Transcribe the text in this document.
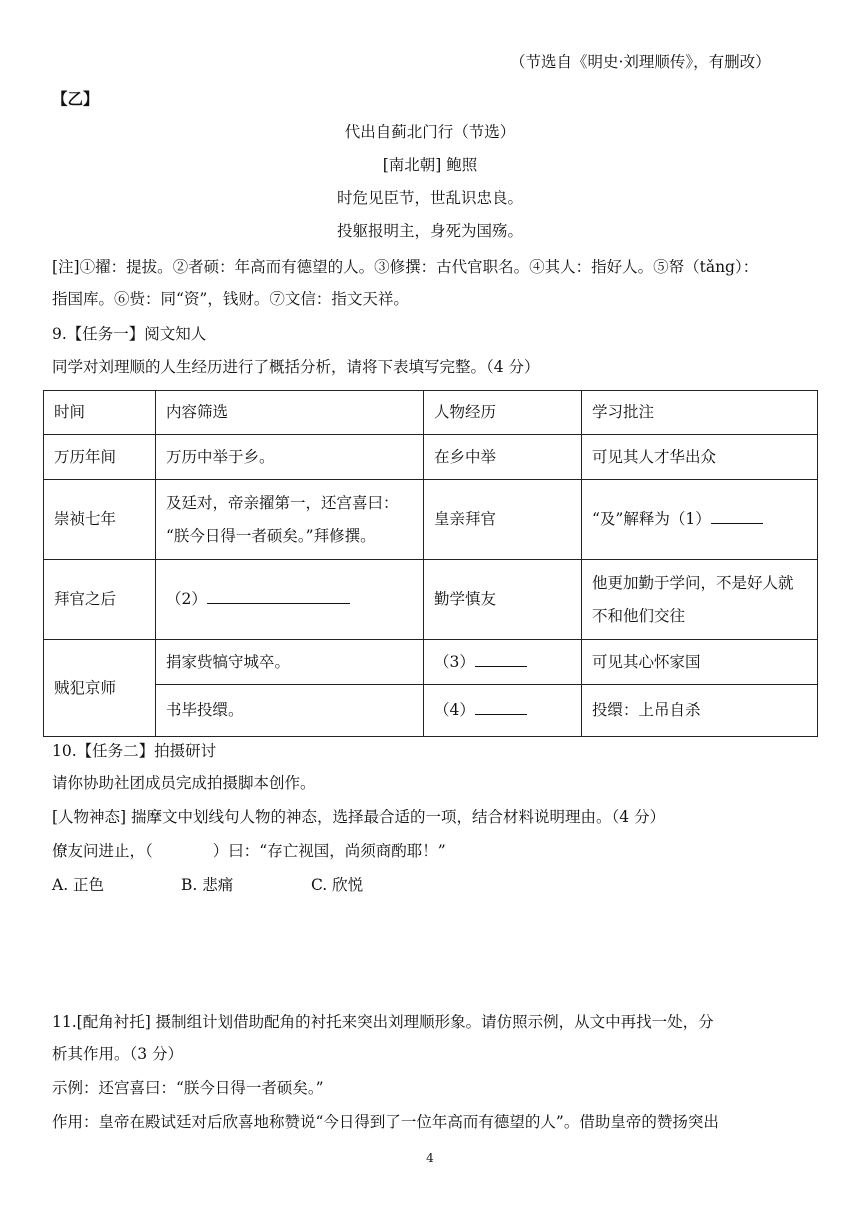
（节选自《明史·刘理顺传》，有删改）
【乙】
代出自蓟北门行（节选）
[南北朝] 鲍照
时危见臣节，世乱识忠良。
投躯报明主，身死为国殇。
[注]①擢：提拔。②者硕：年高而有德望的人。③修撰：古代官职名。④其人：指好人。⑤帑（tǎng）：
指国库。⑥赀：同“资”，钱财。⑦文信：指文天祥。
9.【任务一】阅文知人
同学对刘理顺的人生经历进行了概括分析，请将下表填写完整。（4 分）
时间	内容筛选	人物经历	学习批注
万历年间	万历中举于乡。	在乡中举	可见其人才华出众
崇祯七年	及廷对，帝亲擢第一，还宫喜曰：
“朕今日得一者硕矣。”拜修撰。	皇亲拜官	“及”解释为（1）
拜官之后	（2）	勤学慎友	他更加勤于学问，不是好人就
不和他们交往

贼犯京师	捐家赀犒守城卒。	（3）	可见其心怀家国
	书毕投缳。	（4）	投缳：上吊自杀
10.【任务二】拍摄研讨
请你协助社团成员完成拍摄脚本创作。
[人物神态] 揣摩文中划线句人物的神态，选择最合适的一项，结合材料说明理由。（4 分）
僚友问进止，（	）曰：“存亡视国，尚须商酌耶！”
A. 正色	B. 悲痛	C. 欣悦
11.[配角衬托] 摄制组计划借助配角的衬托来突出刘理顺形象。请仿照示例，从文中再找一处，分
析其作用。（3 分）
示例：还宫喜曰：“朕今日得一者硕矣。”
作用：皇帝在殿试廷对后欣喜地称赞说“今日得到了一位年高而有德望的人”。借助皇帝的赞扬突出
4
